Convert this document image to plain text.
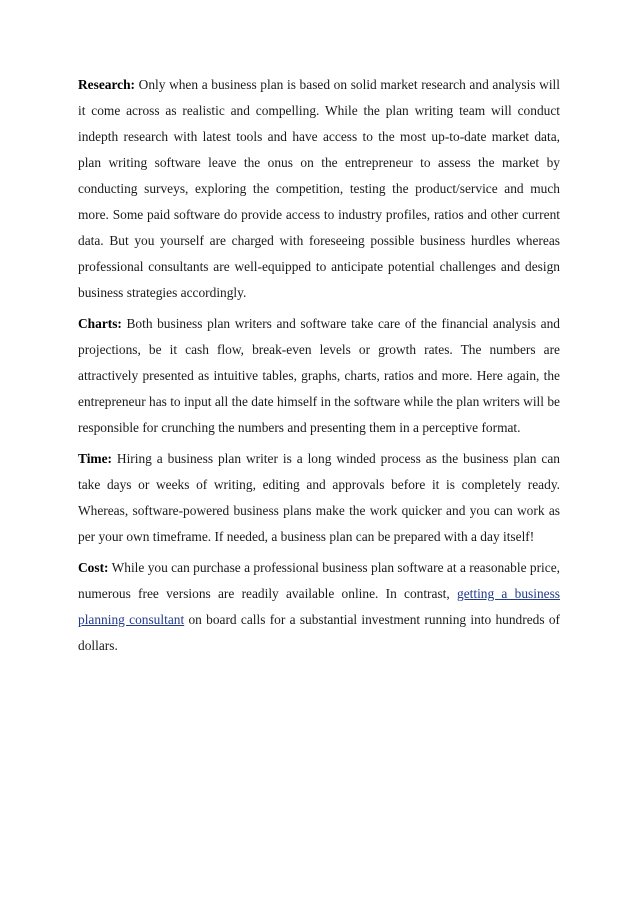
Research: Only when a business plan is based on solid market research and analysis will it come across as realistic and compelling. While the plan writing team will conduct indepth research with latest tools and have access to the most up-to-date market data, plan writing software leave the onus on the entrepreneur to assess the market by conducting surveys, exploring the competition, testing the product/service and much more. Some paid software do provide access to industry profiles, ratios and other current data. But you yourself are charged with foreseeing possible business hurdles whereas professional consultants are well-equipped to anticipate potential challenges and design business strategies accordingly.

Charts: Both business plan writers and software take care of the financial analysis and projections, be it cash flow, break-even levels or growth rates. The numbers are attractively presented as intuitive tables, graphs, charts, ratios and more. Here again, the entrepreneur has to input all the date himself in the software while the plan writers will be responsible for crunching the numbers and presenting them in a perceptive format.

Time: Hiring a business plan writer is a long winded process as the business plan can take days or weeks of writing, editing and approvals before it is completely ready. Whereas, software-powered business plans make the work quicker and you can work as per your own timeframe. If needed, a business plan can be prepared with a day itself!

Cost: While you can purchase a professional business plan software at a reasonable price, numerous free versions are readily available online. In contrast, getting a business planning consultant on board calls for a substantial investment running into hundreds of dollars.
